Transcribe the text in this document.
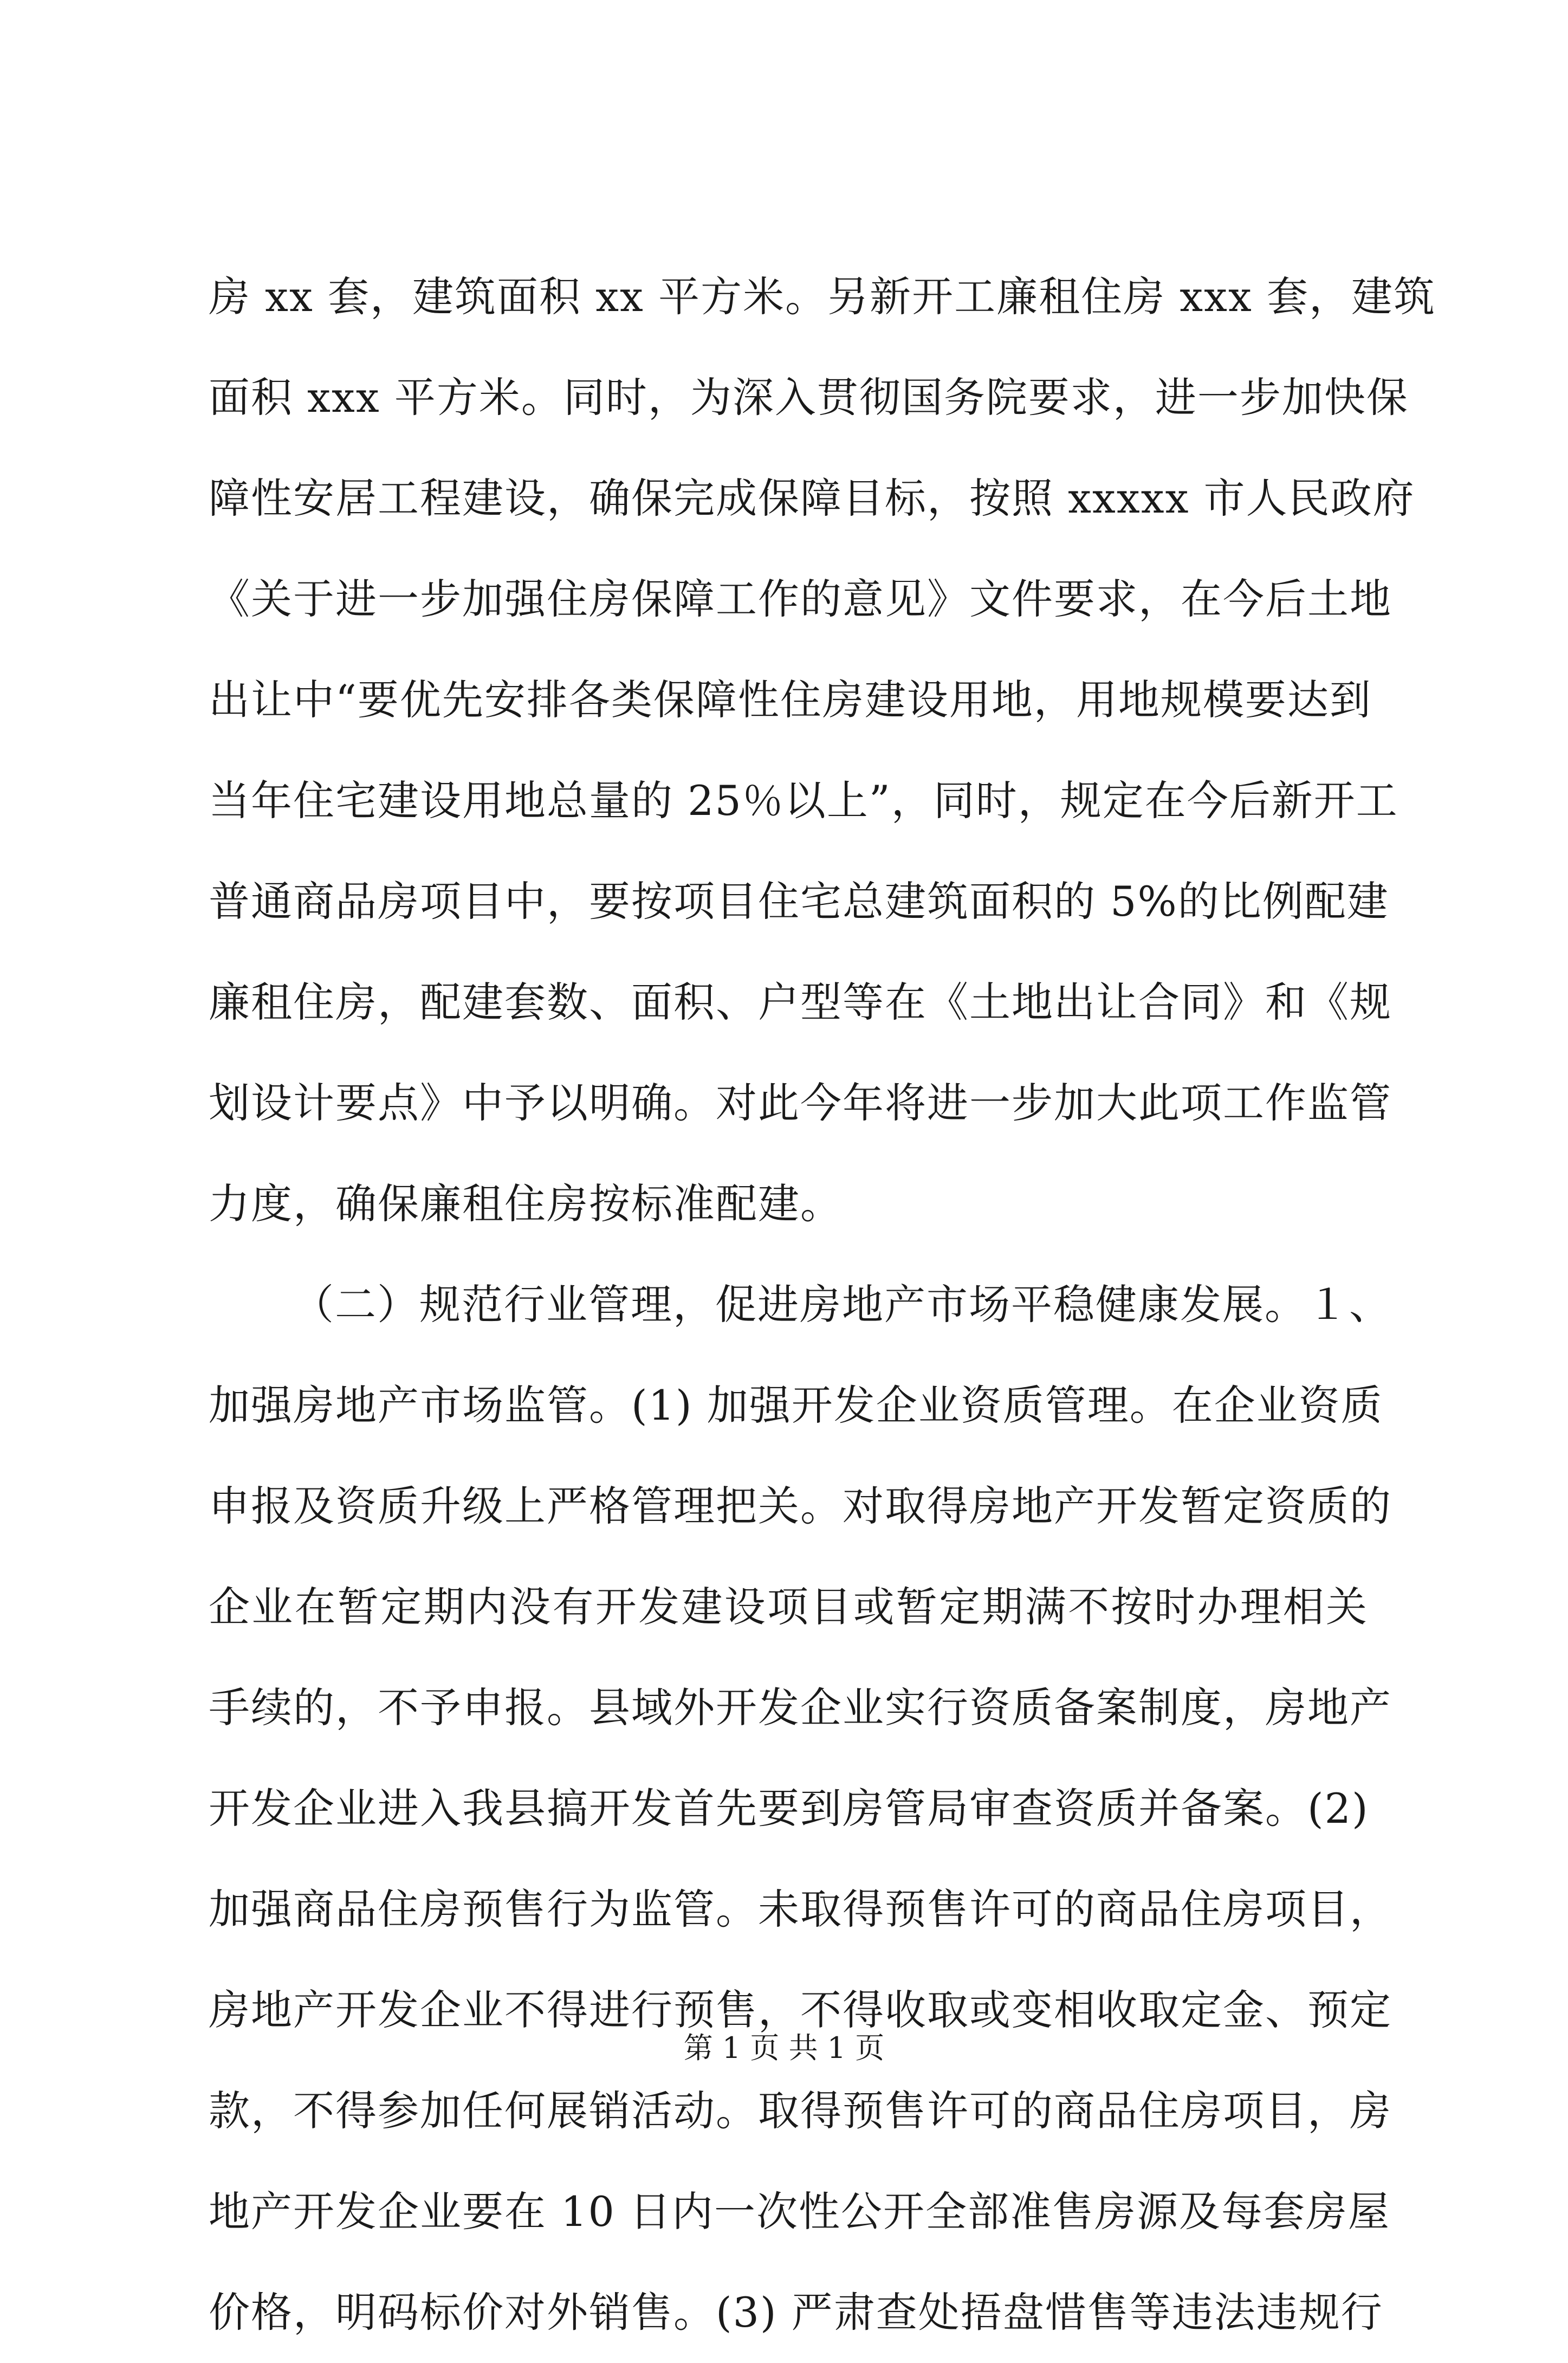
房 xx 套，建筑面积 xx 平方米。另新开工廉租住房 xxx 套，建筑
面积 xxx 平方米。同时，为深入贯彻国务院要求，进一步加快保
障性安居工程建设，确保完成保障目标，按照 xxxxx 市人民政府
《关于进一步加强住房保障工作的意见》文件要求，在今后土地
出让中“要优先安排各类保障性住房建设用地，用地规模要达到
当年住宅建设用地总量的 25％以上”，同时，规定在今后新开工
普通商品房项目中，要按项目住宅总建筑面积的 5%的比例配建
廉租住房，配建套数、面积、户型等在《土地出让合同》和《规
划设计要点》中予以明确。对此今年将进一步加大此项工作监管
力度，确保廉租住房按标准配建。
（二）规范行业管理，促进房地产市场平稳健康发展。１、
加强房地产市场监管。(1) 加强开发企业资质管理。在企业资质
申报及资质升级上严格管理把关。对取得房地产开发暂定资质的
企业在暂定期内没有开发建设项目或暂定期满不按时办理相关
手续的，不予申报。县域外开发企业实行资质备案制度，房地产
开发企业进入我县搞开发首先要到房管局审查资质并备案。(2)
加强商品住房预售行为监管。未取得预售许可的商品住房项目，
房地产开发企业不得进行预售，不得收取或变相收取定金、预定
款，不得参加任何展销活动。取得预售许可的商品住房项目，房
地产开发企业要在 10 日内一次性公开全部准售房源及每套房屋
价格，明码标价对外销售。(3) 严肃查处捂盘惜售等违法违规行
第 1 页 共 1 页
